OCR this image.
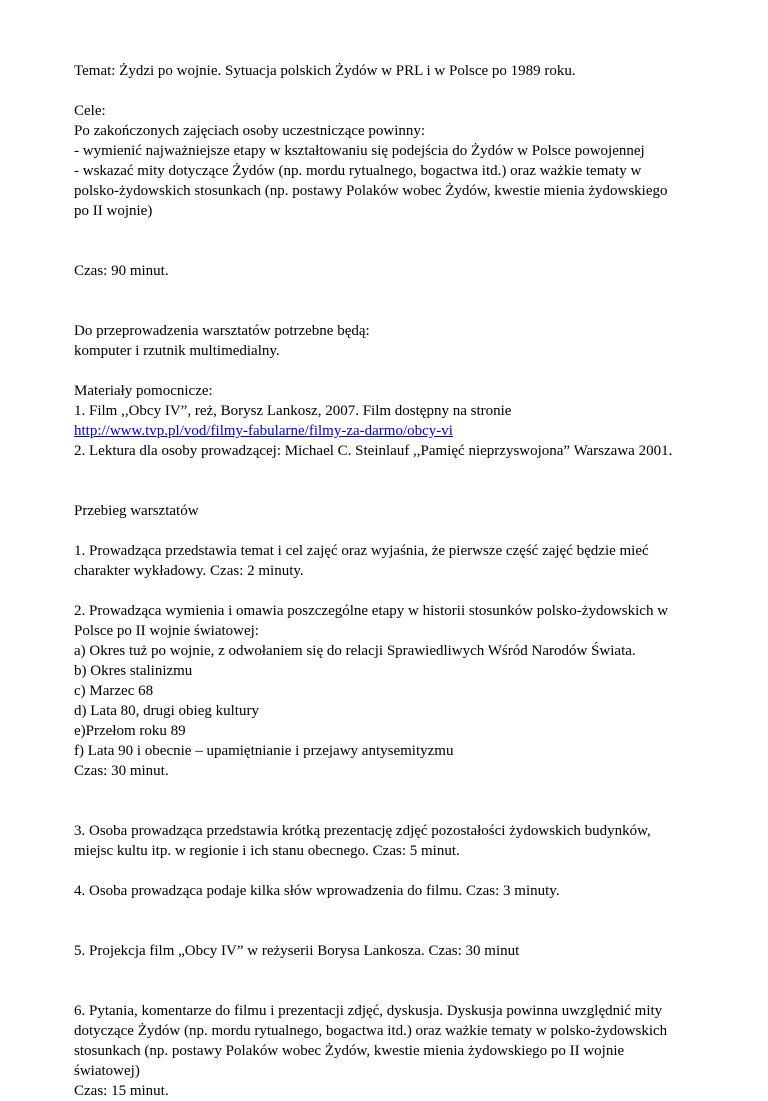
Temat: Żydzi po wojnie. Sytuacja polskich Żydów w PRL i w Polsce po 1989 roku.
Cele:
Po zakończonych zajęciach osoby uczestniczące powinny:
- wymienić najważniejsze etapy w kształtowaniu się podejścia do Żydów w Polsce powojennej
- wskazać mity dotyczące Żydów (np. mordu rytualnego, bogactwa itd.) oraz ważkie tematy w
polsko-żydowskich stosunkach (np. postawy Polaków wobec Żydów, kwestie mienia żydowskiego
po II wojnie)
Czas: 90 minut.
Do przeprowadzenia warsztatów potrzebne będą:
komputer i rzutnik multimedialny.
Materiały pomocnicze:
1. Film ,,Obcy IV”, reż, Borysz Lankosz, 2007. Film dostępny na stronie
http://www.tvp.pl/vod/filmy-fabularne/filmy-za-darmo/obcy-vi
2. Lektura dla osoby prowadzącej: Michael C. Steinlauf ,,Pamięć nieprzyswojona” Warszawa 2001.
Przebieg warsztatów
1. Prowadząca przedstawia temat i cel zajęć oraz wyjaśnia, że pierwsze część zajęć będzie mieć
charakter wykładowy. Czas: 2 minuty.
2. Prowadząca wymienia i omawia poszczególne etapy w historii stosunków polsko-żydowskich w
Polsce po II wojnie światowej:
a) Okres tuż po wojnie, z odwołaniem się do relacji Sprawiedliwych Wśród Narodów Świata.
b) Okres stalinizmu
c) Marzec 68
d) Lata 80, drugi obieg kultury
e)Przełom roku 89
f) Lata 90 i obecnie – upamiętnianie i przejawy antysemityzmu
Czas: 30 minut.
3. Osoba prowadząca przedstawia krótką prezentację zdjęć pozostałości żydowskich budynków,
miejsc kultu itp. w regionie i ich stanu obecnego. Czas: 5 minut.
4. Osoba prowadząca podaje kilka słów wprowadzenia do filmu. Czas: 3 minuty.
5. Projekcja film „Obcy IV” w reżyserii Borysa Lankosza. Czas: 30 minut
6. Pytania, komentarze do filmu i prezentacji zdjęć, dyskusja. Dyskusja powinna uwzględnić mity
dotyczące Żydów (np. mordu rytualnego, bogactwa itd.) oraz ważkie tematy w polsko-żydowskich
stosunkach (np. postawy Polaków wobec Żydów, kwestie mienia żydowskiego po II wojnie
światowej)
Czas: 15 minut.
